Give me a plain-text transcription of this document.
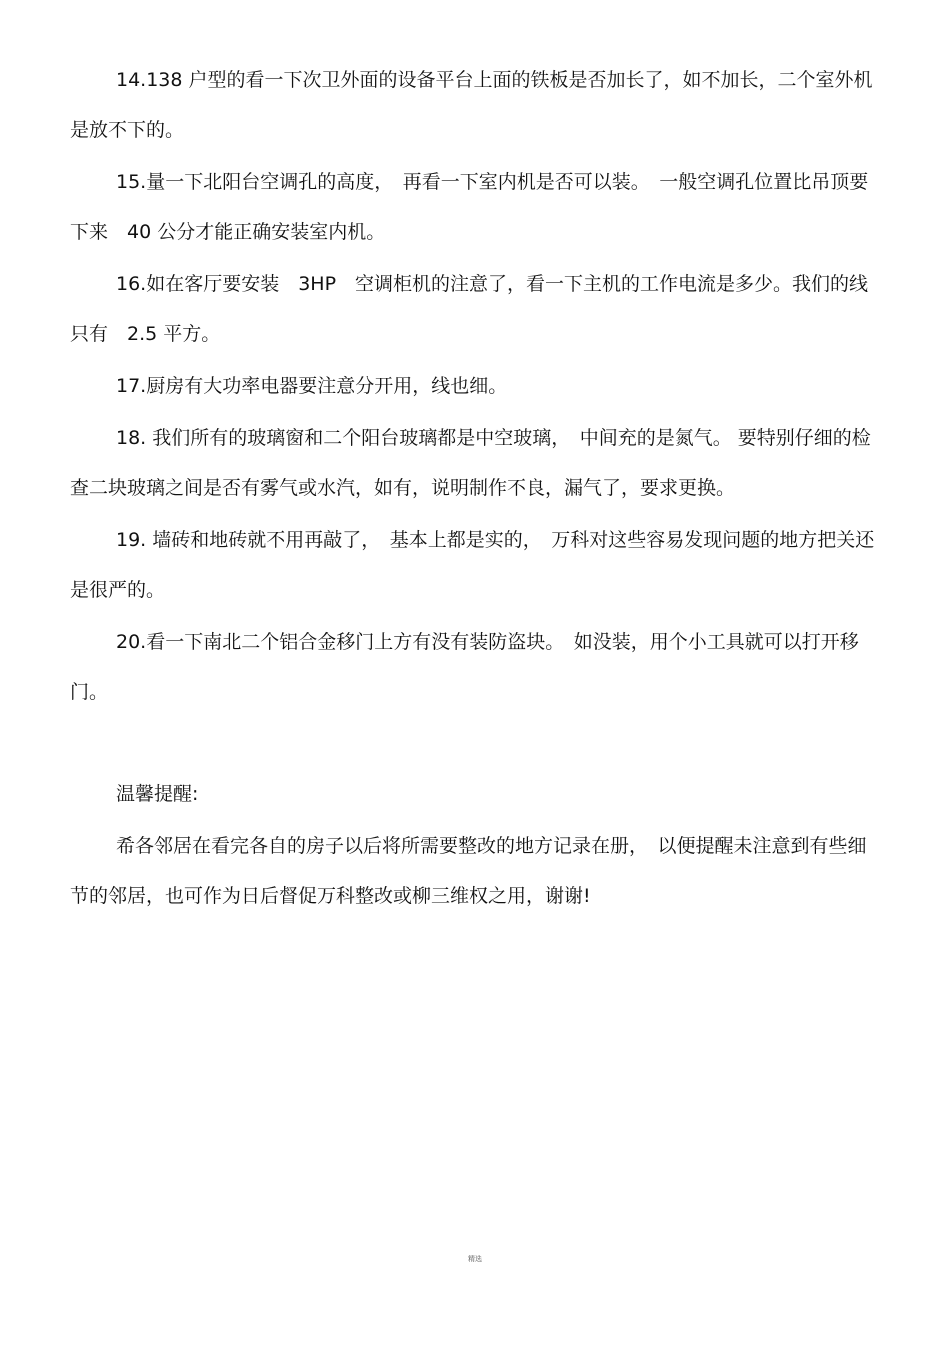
14.138 户型的看一下次卫外面的设备平台上面的铁板是否加长了，如不加长，二个室外机是放不下的。

15.量一下北阳台空调孔的高度，　再看一下室内机是否可以装。　一般空调孔位置比吊顶要下来　40 公分才能正确安装室内机。

16.如在客厅要安装　3HP　空调柜机的注意了，看一下主机的工作电流是多少。我们的线只有　2.5 平方。

17.厨房有大功率电器要注意分开用，线也细。

18. 我们所有的玻璃窗和二个阳台玻璃都是中空玻璃，　中间充的是氮气。 要特别仔细的检查二块玻璃之间是否有雾气或水汽，如有，说明制作不良，漏气了，要求更换。

19. 墙砖和地砖就不用再敲了，　基本上都是实的，　万科对这些容易发现问题的地方把关还是很严的。

20.看一下南北二个铝合金移门上方有没有装防盗块。　如没装，用个小工具就可以打开移门。

温馨提醒:

希各邻居在看完各自的房子以后将所需要整改的地方记录在册，　以便提醒未注意到有些细节的邻居，也可作为日后督促万科整改或柳三维权之用，谢谢!

精选
